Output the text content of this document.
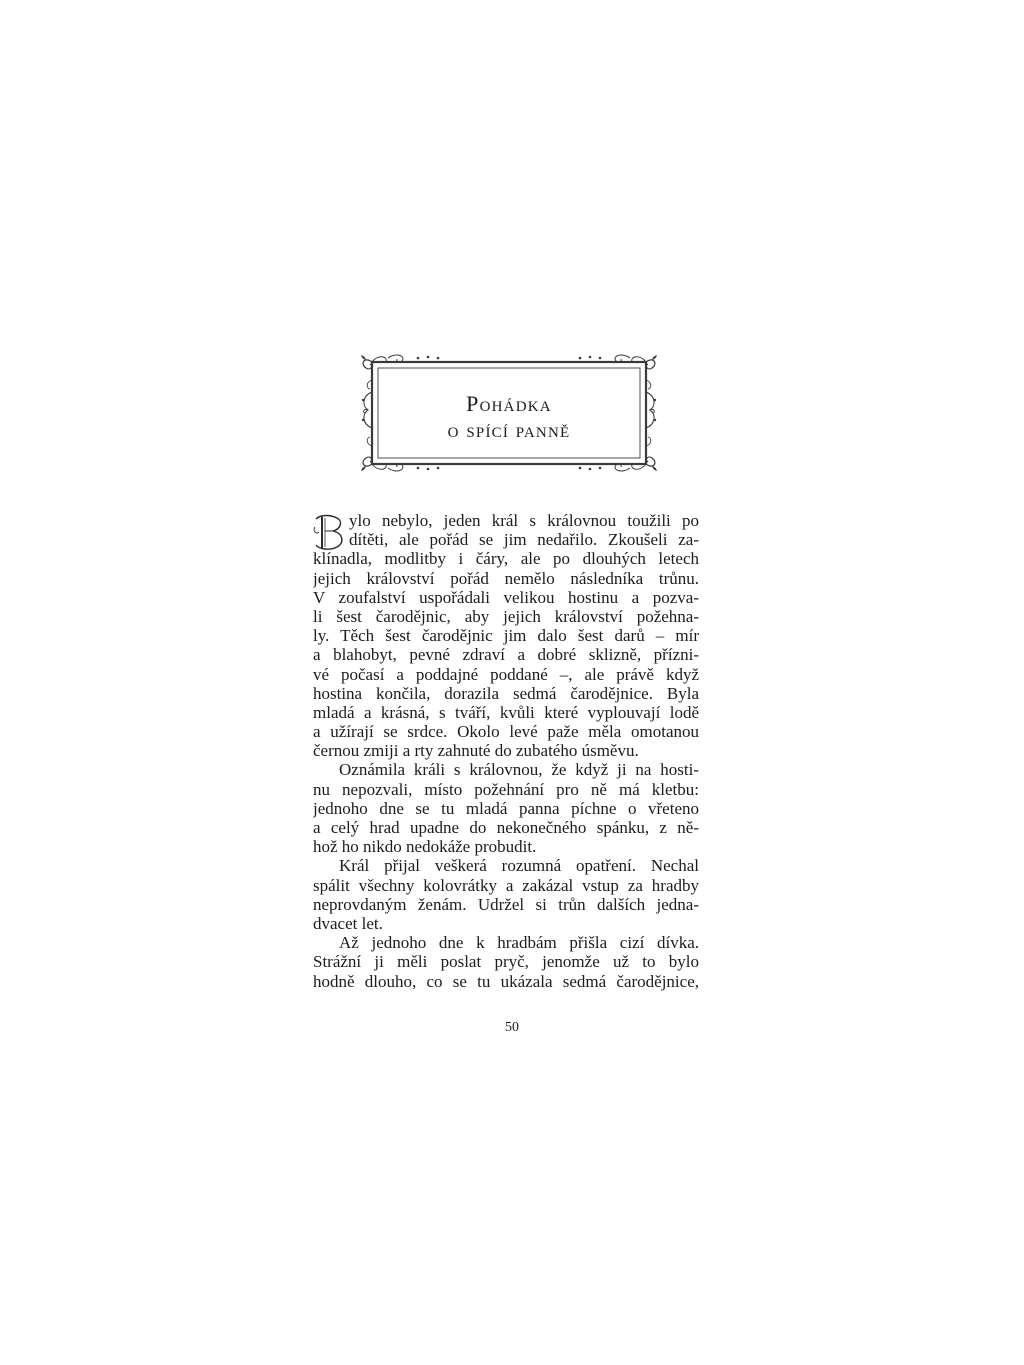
Pohádka
o spící panně
ylo nebylo, jeden král s královnou toužili po
dítěti, ale pořád se jim nedařilo. Zkoušeli za-
klínadla, modlitby i čáry, ale po dlouhých letech
jejich království pořád nemělo následníka trůnu.
V zoufalství uspořádali velikou hostinu a pozva-
li šest čarodějnic, aby jejich království požehna-
ly. Těch šest čarodějnic jim dalo šest darů – mír
a blahobyt, pevné zdraví a dobré sklizně, přízni-
vé počasí a poddajné poddané –, ale právě když
hostina končila, dorazila sedmá čarodějnice. Byla
mladá a krásná, s tváří, kvůli které vyplouvají lodě
a užírají se srdce. Okolo levé paže měla omotanou
černou zmiji a rty zahnuté do zubatého úsměvu.
Oznámila králi s královnou, že když ji na hosti-
nu nepozvali, místo požehnání pro ně má kletbu:
jednoho dne se tu mladá panna píchne o vřeteno
a celý hrad upadne do nekonečného spánku, z ně-
hož ho nikdo nedokáže probudit.
Král přijal veškerá rozumná opatření. Nechal
spálit všechny kolovrátky a zakázal vstup za hradby
neprovdaným ženám. Udržel si trůn dalších jedna-
dvacet let.
Až jednoho dne k hradbám přišla cizí dívka.
Strážní ji měli poslat pryč, jenomže už to bylo
hodně dlouho, co se tu ukázala sedmá čarodějnice,
50
